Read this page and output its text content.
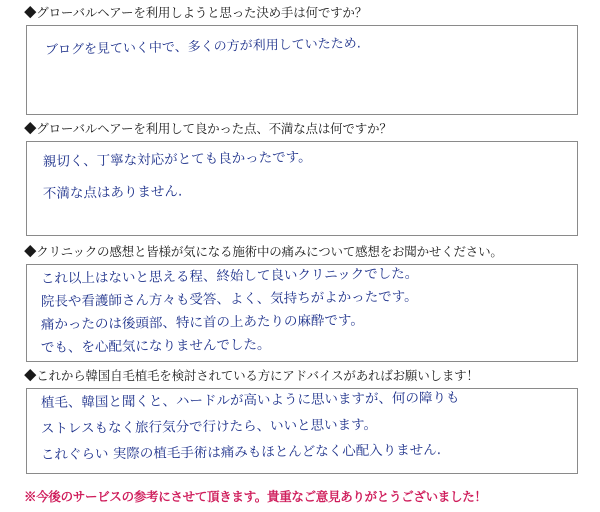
◆グローバルヘアーを利用しようと思った決め手は何ですか？
ブログを見ていく中で、多くの方が利用していたため.
◆グローバルヘアーを利用して良かった点、不満な点は何ですか？
親切く、丁寧な対応がとても良かったです。
不満な点はありません.
◆クリニックの感想と皆様が気になる施術中の痛みについて感想をお聞かせください。
これ以上はないと思える程、終始して良いクリニックでした。
院長や看護師さん方々も受答、よく、気持ちがよかったです。
痛かったのは後頭部、特に首の上あたりの麻酔です。
でも、を心配気になりませんでした。
◆これから韓国自毛植毛を検討されている方にアドバイスがあればお願いします！
植毛、韓国と聞くと、ハードルが高いように思いますが、何の障りも
ストレスもなく旅行気分で行けたら、いいと思います。
これぐらい 実際の植毛手術は痛みもほとんどなく心配入りません.
※今後のサービスの参考にさせて頂きます。貴重なご意見ありがとうございました！
